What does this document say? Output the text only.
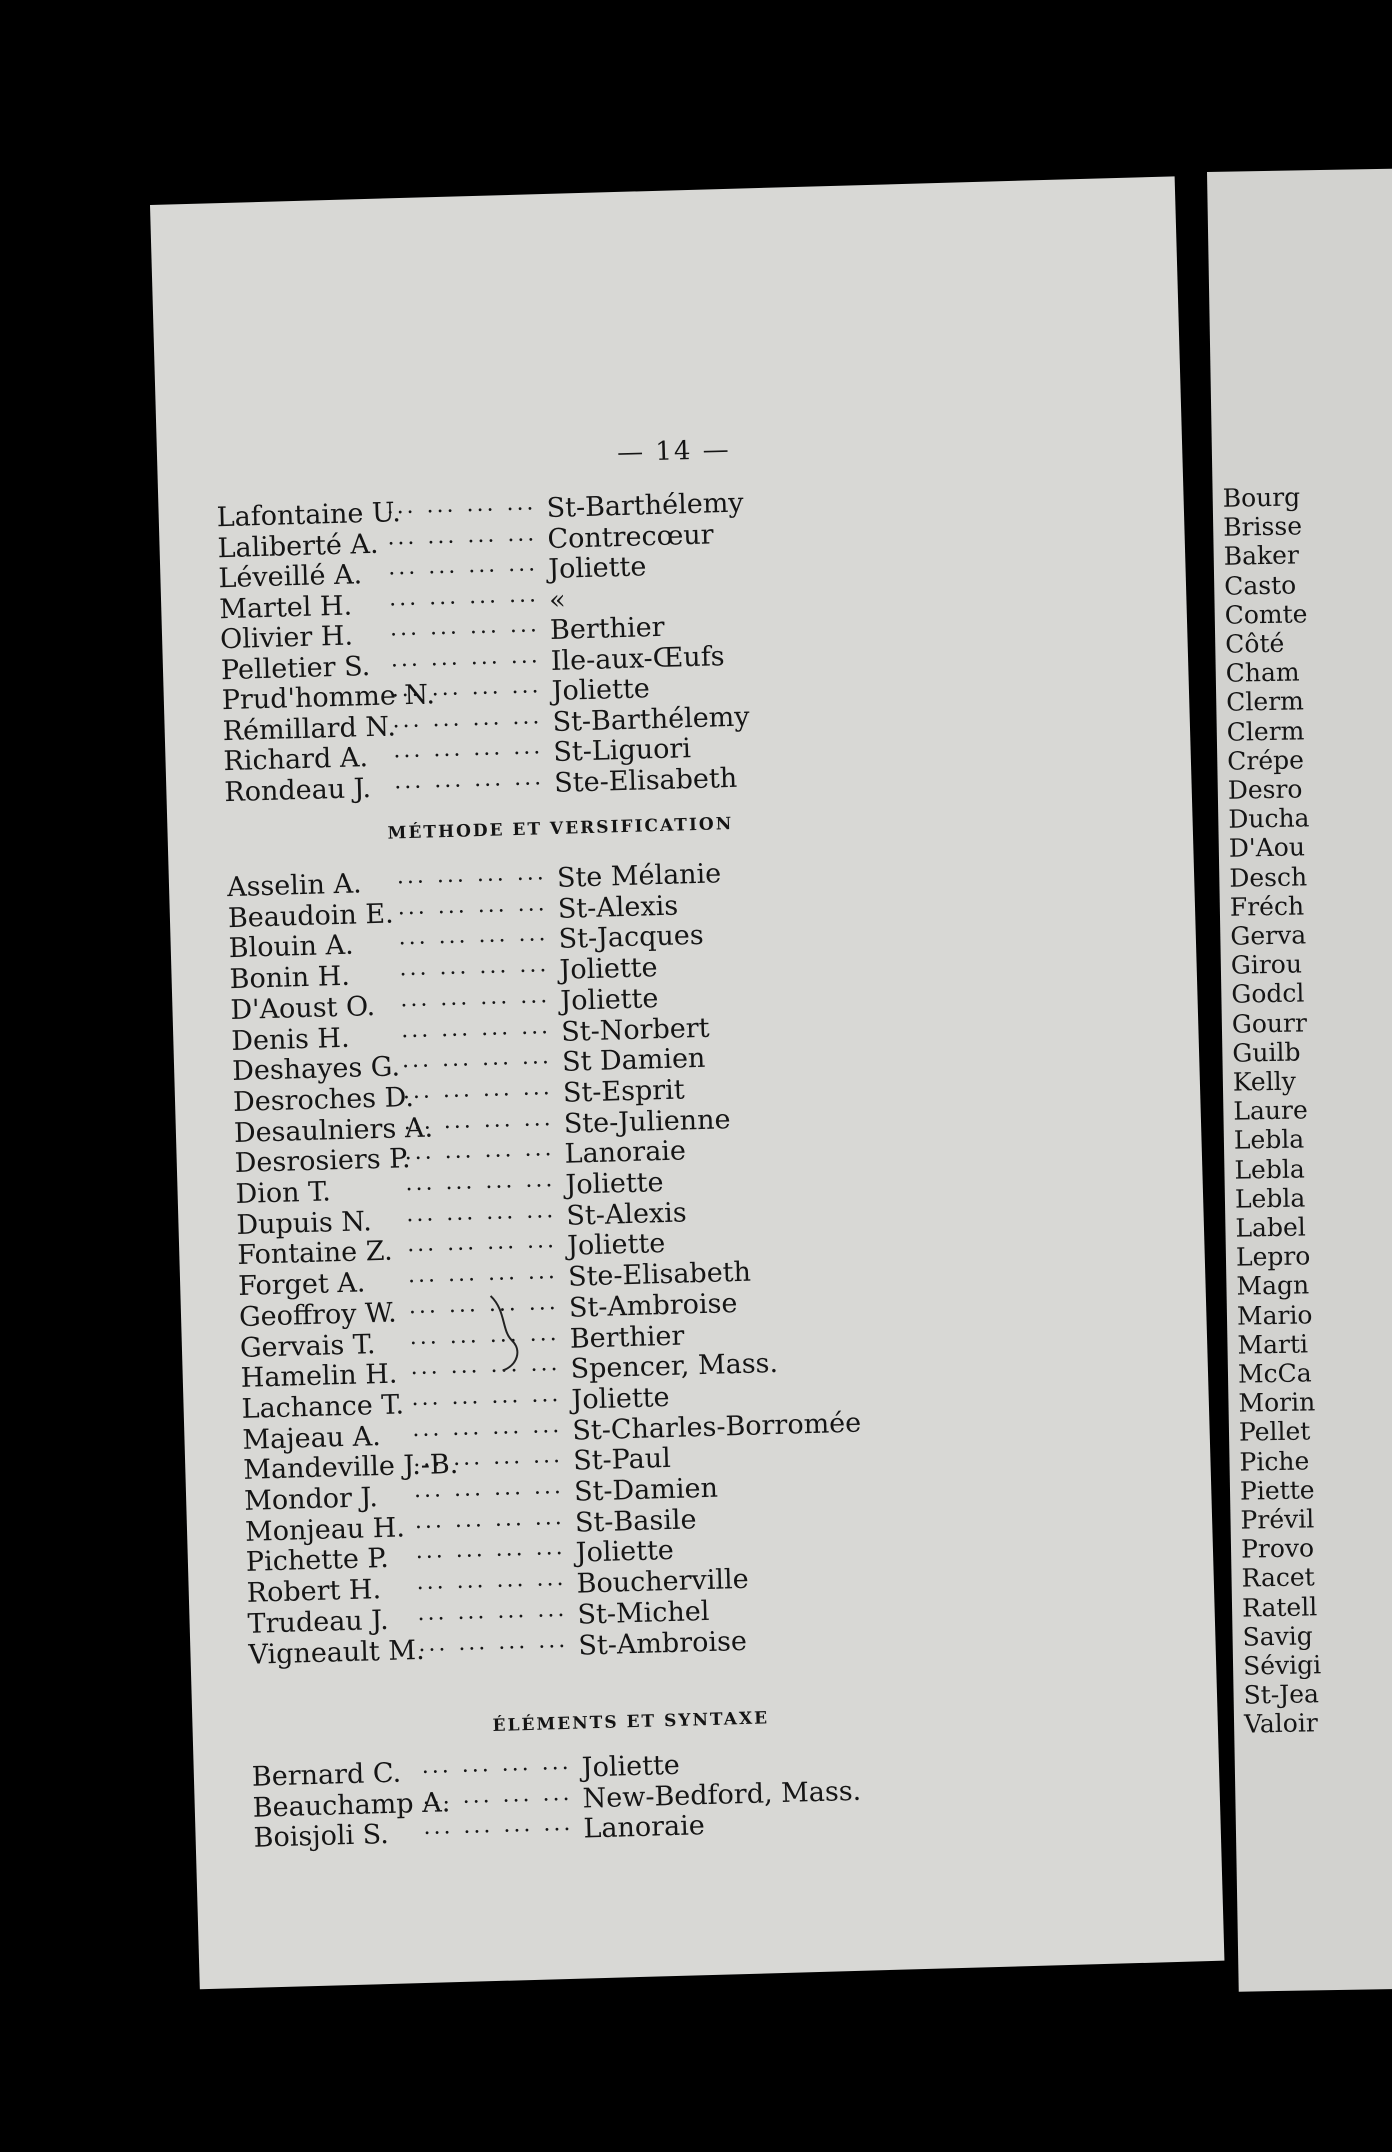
— 14 —
Lafontaine U.
... ... ... ... St-Barthélemy
Laliberté A. ... ... ... ... Contrecœur
Léveillé A. ... ... ... ... Joliette
Martel H. ... ... ... ... «
Olivier H. ... ... ... ... Berthier
Pelletier S. ... ... ... ... Ile-aux-Œufs
Prud'homme N.
... ... ... ... Joliette
Rémillard N.
... ... ... ... St-Barthélemy
Richard A. ... ... ... ... St-Liguori
Rondeau J. ... ... ... ... Ste-Elisabeth
MÉTHODE ET VERSIFICATION
Asselin A. ... ... ... ... Ste Mélanie
Beaudoin E. ... ... ... ... St-Alexis
Blouin A. ... ... ... ... St-Jacques
Bonin H. ... ... ... ... Joliette
D'Aoust O. ... ... ... ... Joliette
Denis H. ... ... ... ... St-Norbert
Deshayes G. ... ... ... ... St Damien
Desroches D.
... ... ... ... St-Esprit
Desaulniers A.
... ... ... ... Ste-Julienne
Desrosiers P.
... ... ... ... Lanoraie
Dion T.	... ... ... ... Joliette
Dupuis N. ... ... ... ... St-Alexis
Fontaine Z. ... ... ... ... Joliette
Forget A. ... ... ... ... Ste-Elisabeth
Geoffroy W. ... ... ... ... St-Ambroise
Gervais T. ... ... ... ... Berthier
Hamelin H. ... ... ... ... Spencer, Mass.
Lachance T. ... ... ... ... Joliette
Majeau A. ... ... ... ... St-Charles-Borromée
Mandeville J.-B.
... ... ... ... St-Paul
Mondor J. ... ... ... ... St-Damien
Monjeau H. ... ... ... ... St-Basile
Pichette P. ... ... ... ... Joliette
Robert H. ... ... ... ... Boucherville
Trudeau J. ... ... ... ... St-Michel
Vigneault M.
... ... ... ... St-Ambroise
ÉLÉMENTS ET SYNTAXE
Bernard C. ... ... ... ... Joliette
Beauchamp A.
... ... ... ... New-Bedford, Mass.
Boisjoli S. ... ... ... ... Lanoraie
Bourg
Brisse
Baker
Casto
Comte
Côté
Cham
Clerm
Clerm
Crépe
Desro
Ducha
D'Aou
Desch
Fréch
Gerva
Girou
Godcl
Gourr
Guilb
Kelly
Laure
Lebla
Lebla
Lebla
Label
Lepro
Magn
Mario
Marti
McCa
Morin
Pellet
Piche
Piette
Prévil
Provo
Racet
Ratell
Savig
Sévigi
St-Jea
Valoir
